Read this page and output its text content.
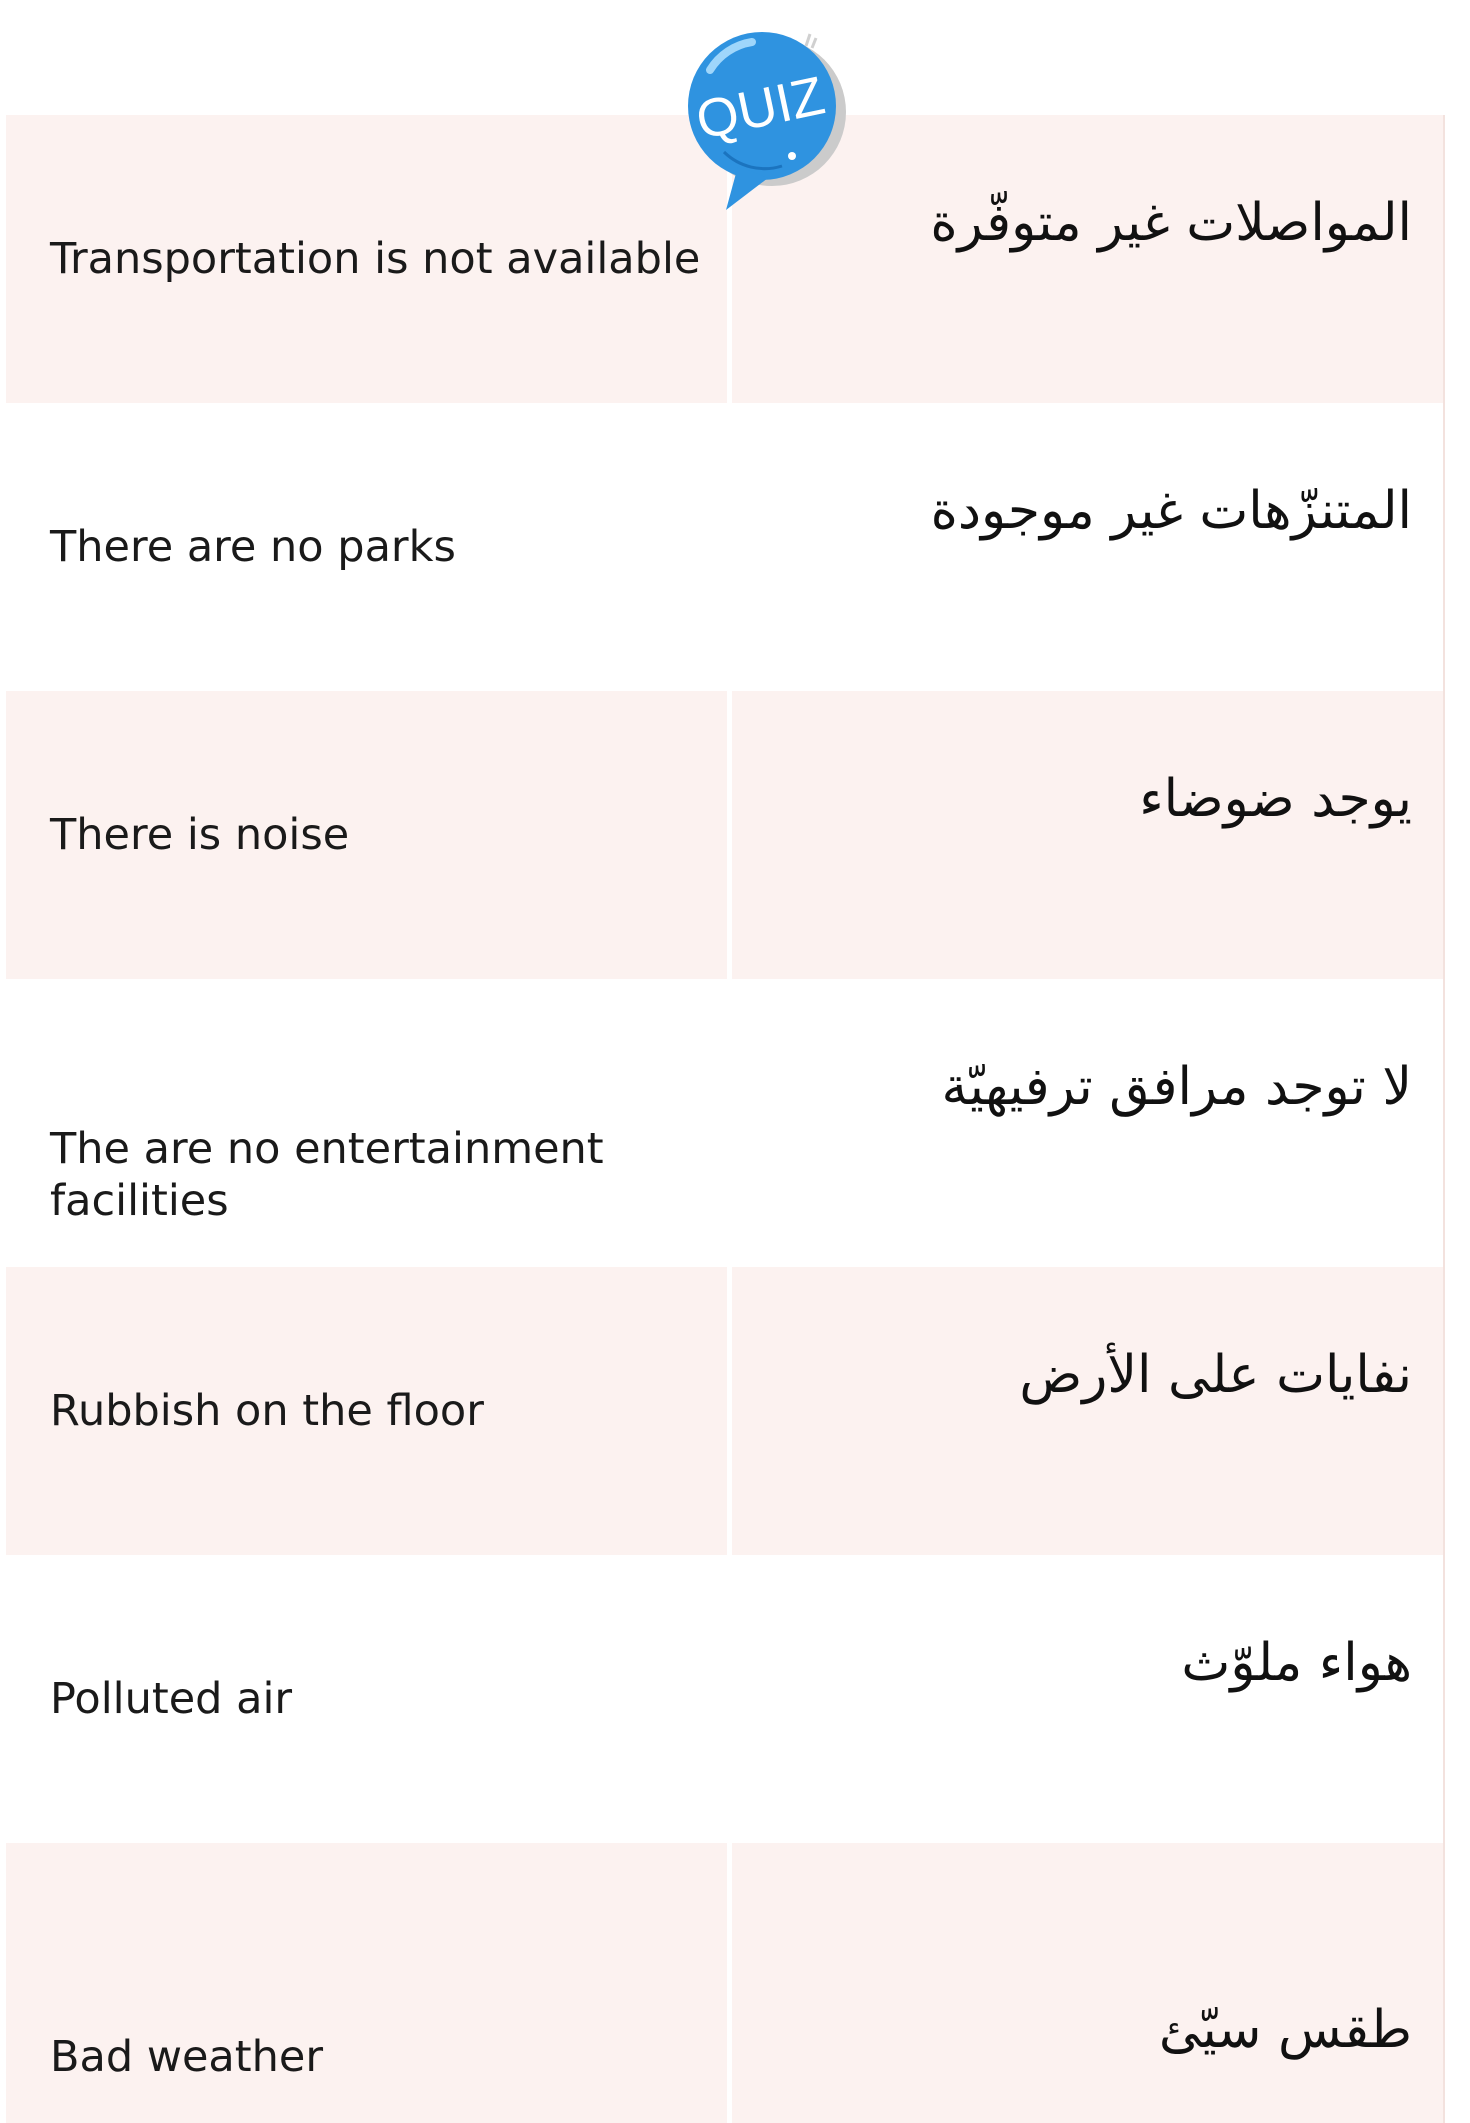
Transportation is not available
المواصلات غير متوفّرة
There are no parks
المتنزّهات غير موجودة
There is noise
يوجد ضوضاء
The are no entertainment
facilities
لا توجد مرافق ترفيهيّة
Rubbish on the floor
نفايات على الأرض
Polluted air
هواء ملوّث
Bad weather	طقس سيّئ
QUIZ
